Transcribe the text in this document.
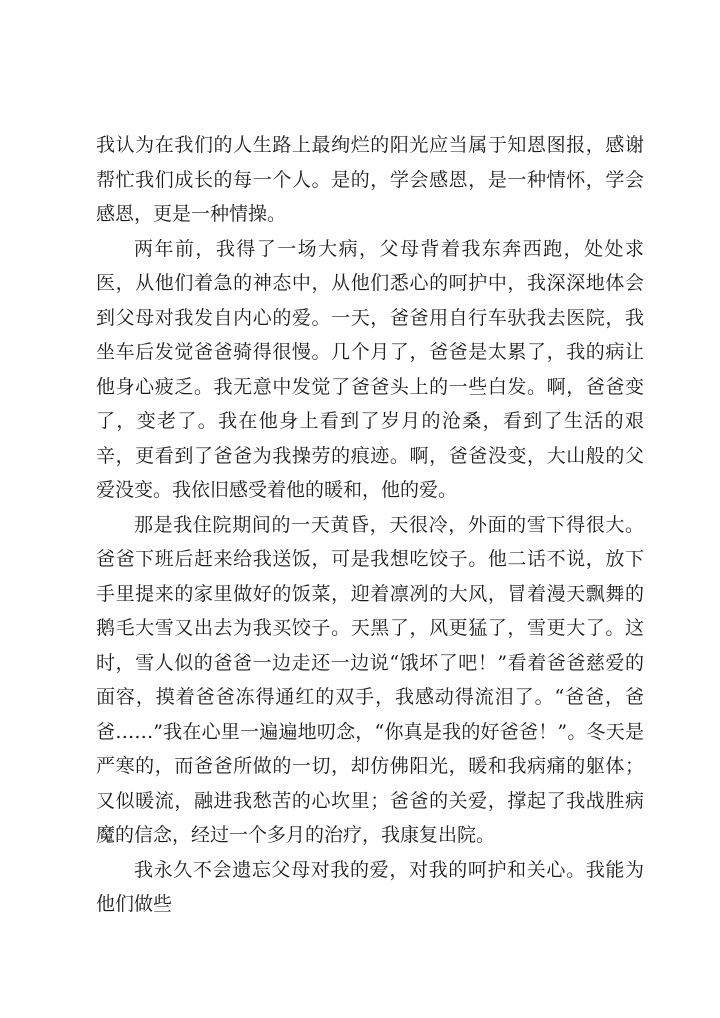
我认为在我们的人生路上最绚烂的阳光应当属于知恩图报，感谢帮忙我们成长的每一个人。是的，学会感恩，是一种情怀，学会感恩，更是一种情操。

两年前，我得了一场大病，父母背着我东奔西跑，处处求医，从他们着急的神态中，从他们悉心的呵护中，我深深地体会到父母对我发自内心的爱。一天，爸爸用自行车驮我去医院，我坐车后发觉爸爸骑得很慢。几个月了，爸爸是太累了，我的病让他身心疲乏。我无意中发觉了爸爸头上的一些白发。啊，爸爸变了，变老了。我在他身上看到了岁月的沧桑，看到了生活的艰辛，更看到了爸爸为我操劳的痕迹。啊，爸爸没变，大山般的父爱没变。我依旧感受着他的暖和，他的爱。

那是我住院期间的一天黄昏，天很冷，外面的雪下得很大。爸爸下班后赶来给我送饭，可是我想吃饺子。他二话不说，放下手里提来的家里做好的饭菜，迎着凛冽的大风，冒着漫天飘舞的鹅毛大雪又出去为我买饺子。天黑了，风更猛了，雪更大了。这时，雪人似的爸爸一边走还一边说“饿坏了吧！”看着爸爸慈爱的面容，摸着爸爸冻得通红的双手，我感动得流泪了。“爸爸，爸爸……”我在心里一遍遍地叨念，“你真是我的好爸爸！”。冬天是严寒的，而爸爸所做的一切，却仿佛阳光，暖和我病痛的躯体；又似暖流，融进我愁苦的心坎里；爸爸的关爱，撑起了我战胜病魔的信念，经过一个多月的治疗，我康复出院。

我永久不会遗忘父母对我的爱，对我的呵护和关心。我能为他们做些
